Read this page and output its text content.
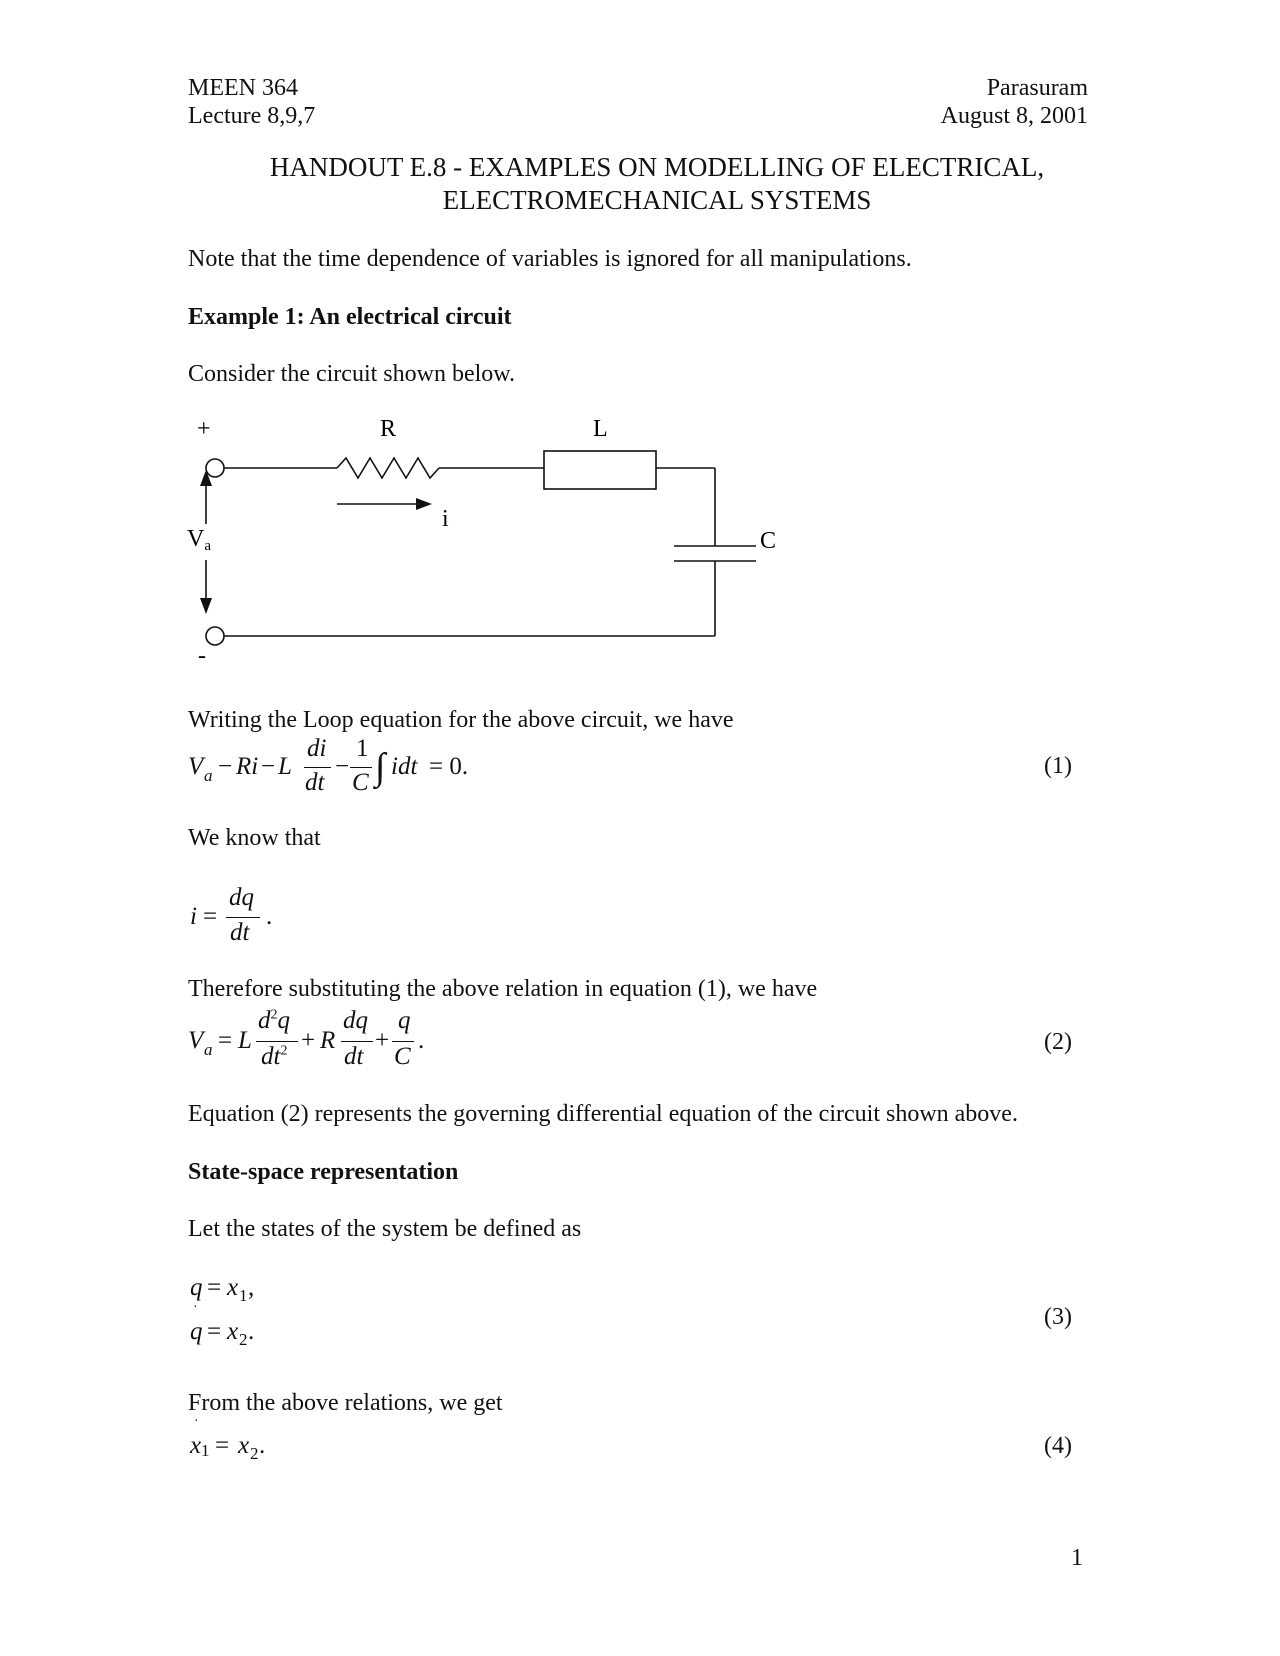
MEEN 364
Lecture 8,9,7
Parasuram
August 8, 2001
HANDOUT E.8 - EXAMPLES ON MODELLING OF ELECTRICAL,
ELECTROMECHANICAL SYSTEMS
Note that the time dependence of variables is ignored for all manipulations.
Example 1: An electrical circuit
Consider the circuit shown below.
+
-
R	L
C
i
Va
Writing the Loop equation for the above circuit, we have
V a − Ri − L
di
dt
−
1
C ∫ idt = 0.	(1)
We know that
i =
dq
dt
.
Therefore substituting the above relation in equation (1), we have
V a = L
$d^2q$
$dt^2 + R$
dq
dt
+
q
C
.	(2)
Equation (2) represents the governing differential equation of the circuit shown above.
State-space representation
Let the states of the system be defined as
q = x 1 ,
·
q = x 2 .
(3)
From the above relations, we get
·
x 1 = x 2 .	(4)
1
